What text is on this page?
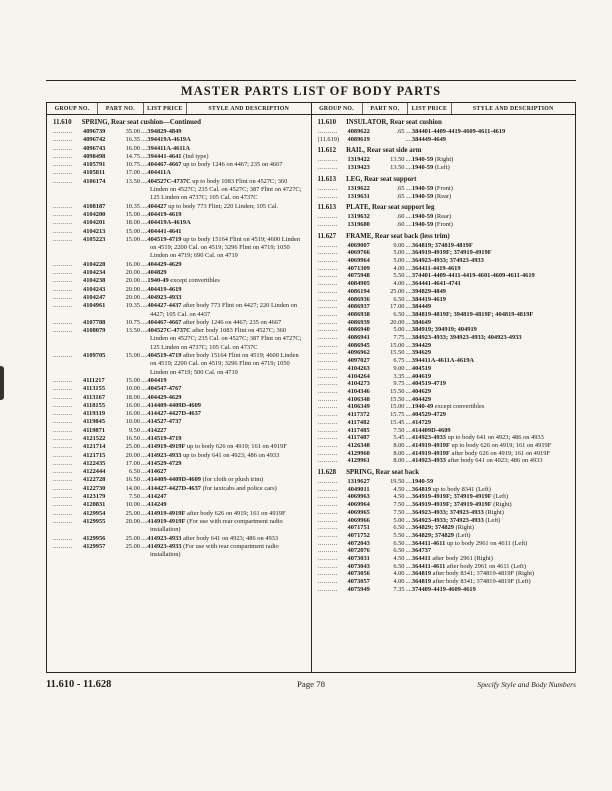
MASTER PARTS LIST OF BODY PARTS
GROUP NO.	PART NO.	LIST PRICE	STYLE AND DESCRIPTION	GROUP NO.	PART NO.	LIST PRICE	STYLE AND DESCRIPTION
11.610 SPRING, Rear seat cushion—Continued
.....
4096739	35.00	.... 394829-4849
.....
4096742	16.35	.... 394419A-4619A
.....
4096743	16.00	.... 394411A-4611A
.....
4098498	14.75	.... 394441-4641 (Ind type)
.....
4105791	10.75	.... 404467-4667 up to body 1246 on 4467; 235 on 4667
.....
4105811	17.00	.... 404411A
.....
4106174	13.50	.... 404527C-4737C up to body 1083 Flint on 4527C; 360 Linden on 4527C; 235 Cal. on 4527C; 387 Flint on 4727C; 125 Linden on 4737C; 105 Cal. on 4737C
.....
4108187	10.35	.... 404427 up to body 773 Flint; 220 Linden; 105 Cal.
.....
4104200	15.00	.... 404419-4619
.....
4104201	18.00	.... 404419A-4619A
.....
4104213	15.00	.... 404441-4641
.....
4105223	15.00	.... 404519-4719 up to body 15164 Flint on 4519; 4600 Linden on 4519; 2200 Cal. on 4519; 3296 Flint on 4719; 1050 Linden on 4719; 690 Cal. on 4719
.....
4104228	16.00	.... 404429-4629
.....
4104234	20.00	.... 404829
.....
4104238	20.00	.... 1940-49 except convertibles
.....
4104243	20.00	.... 404419-4619
.....
4104247	20.00	.... 404923-4933
.....
4104961	19.35	.... 404427-4437 after body 773 Flint on 4427; 220 Linden on 4427; 105 Cal. on 4437
.....
4107788	10.75	.... 404467-4667 after body 1246 on 4467; 235 on 4667
.....
4108079	13.50	.... 404527C-4737C after body 1083 Flint on 4527C; 360 Linden on 4527C; 235 Cal. on 4527C; 387 Flint on 4727C; 125 Linden on 4737C; 105 Cal. on 4737C
.....
4109705	15.00	.... 404519-4719 after body 15164 Flint on 4519; 4600 Linden on 4519; 2200 Cal. on 4519; 3296 Flint on 4719; 1050 Linden on 4719; 500 Cal. on 4719
.....
4111217	15.00	.... 404419
.....
4113155	10.00	.... 404547-4767
.....
4113167	18.00	.... 404429-4629
.....
4118155	16.00	.... 414409-4409D-4609
.....
4119319	16.00	.... 414427-4427D-4637
.....
4119845	10.00	.... 414527-4737
.....
4119871	9.50	.... 414227
.....
4121522	16.50	.... 414519-4719
.....
4121714	25.00	.... 414919-4919F up to body 626 on 4919; 161 on 4919F
.....
4121715	20.00	.... 414923-4933 up to body 641 on 4923; 486 on 4933
.....
4122435	17.00	.... 414529-4729
.....
4122444	6.50	.... 414627
.....
4122728	16.50	.... 414409-4409D-4609 (for cloth or plush trim)
.....
4122730	14.00	.... 414427-4427D-4637 (for taxicabs and police cars)
.....
4123179	7.50	.... 414247
.....
4120831	10.00	.... 414249
.....
4129954	25.00	.... 414919-4919F after body 626 on 4919; 161 on 4919F
.....
4129955	20.00	.... 414919-4919F (For use with rear compartment radio installation)
.....
4129956	25.00	.... 414923-4933 after body 641 on 4923; 486 on 4933
.....
4129957	25.00	.... 414923-4933 (For use with rear compartment radio installation)
11.610 INSULATOR, Rear seat cushion
.....
4089622	.65	.... 384401-4409-4419-4609-4611-4619
(11.619)	4089619	.... 384449-4649
11.612 RAIL, Rear seat side arm
.....
1319422	13.50	.... 1940-59 (Right)
.....
1319423	13.50	.... 1940-59 (Left)
11.613 LEG, Rear seat support
.....
1319622	.65	.... 1940-59 (Front)
.....
1319631	.65	.... 1940-59 (Rear)
11.613 PLATE, Rear seat support leg
.....
1319632	.60	.... 1940-59 (Rear)
.....
1319680	.60	.... 1940-59 (Front)
11.627 FRAME, Rear seat back (less trim)
.....
4069007	9.00	.... 364819; 374819-4819F
.....
4069766	5.00	.... 364919-4919F; 374919-4919F
.....
4069964	5.00	.... 364923-4933; 374923-4933
.....
4071309	4.00	.... 364411-4419-4619
.....
4075948	5.50	.... 374401-4409-4411-4419-4601-4609-4611-4619
.....
4084905	4.00	.... 364441-4641-4741
.....
4086194	25.00	.... 394829-4849
.....
4086936	6.50	.... 384419-4619
.....
4086937	17.00	.... 384449
.....
4086938	6.50	.... 384819-4819F; 394819-4819F; 404819-4819F
.....
4086939	20.00	.... 384649
.....
4086940	5.00	.... 384919; 394919; 404919
.....
4086941	7.75	.... 384923-4933; 394923-4933; 404923-4933
.....
4086945	15.00	.... 394429
.....
4096962	15.50	.... 394629
.....
4097027	6.75	.... 394411A-4611A-4619A
.....
4104263	9.00	.... 404519
.....
4104264	3.35	.... 404619
.....
4104273	9.75	.... 404519-4719
.....
4104346	15.50	.... 404629
.....
4106348	15.50	.... 404429
.....
4106349	15.00	.... 1940-49 except convertibles
.....
4117372	15.75	.... 404529-4729
.....
4117482	15.45	.... 414729
.....
4117485	7.50	.... 414409D-4609
.....
4117487	5.45	.... 414923-4933 up to body 641 on 4923; 486 on 4933
.....
4126348	8.00	.... 414919-4919F up to body 626 on 4919; 161 on 4919F
.....
4129960	8.00	.... 414919-4919F after body 626 on 4919; 161 on 4919F
.....
4129961	8.00	.... 414923-4933 after body 641 on 4923; 486 on 4933
11.628 SPRING, Rear seat back
.....
1319627	19.50	.... 1940-59
.....
4049011	4.50	.... 364819 up to body 8341 (Left)
.....
4069963	4.50	.... 364919-4919F; 374919-4919F (Left)
.....
4069964	7.50	.... 364919-4919F; 374919-4919F (Right)
.....
4069965	7.50	.... 364923-4933; 374923-4933 (Right)
.....
4069966	5.00	.... 364923-4933; 374923-4933 (Left)
.....
4071751	6.50	.... 364829; 374829 (Right)
.....
4071752	5.50	.... 364829; 374829 (Left)
.....
4072043	6.50	.... 364411-4611 up to body 2961 on 4611 (Left)
.....
4072076	6.50	.... 364737
.....
4073031	4.50	.... 364411 after body 2961 (Right)
.....
4073043	6.50	.... 364411-4611 after body 2961 on 4611 (Left)
.....
4073056	4.00	.... 364819 after body 8341; 374819-4819F (Right)
.....
4073057	4.00	.... 364819 after body 8341; 374819-4819F (Left)
.....
4075949	7.35	.... 374409-4419-4609-4619
11.610 - 11.628	Page 78	Specify Style and Body Numbers
